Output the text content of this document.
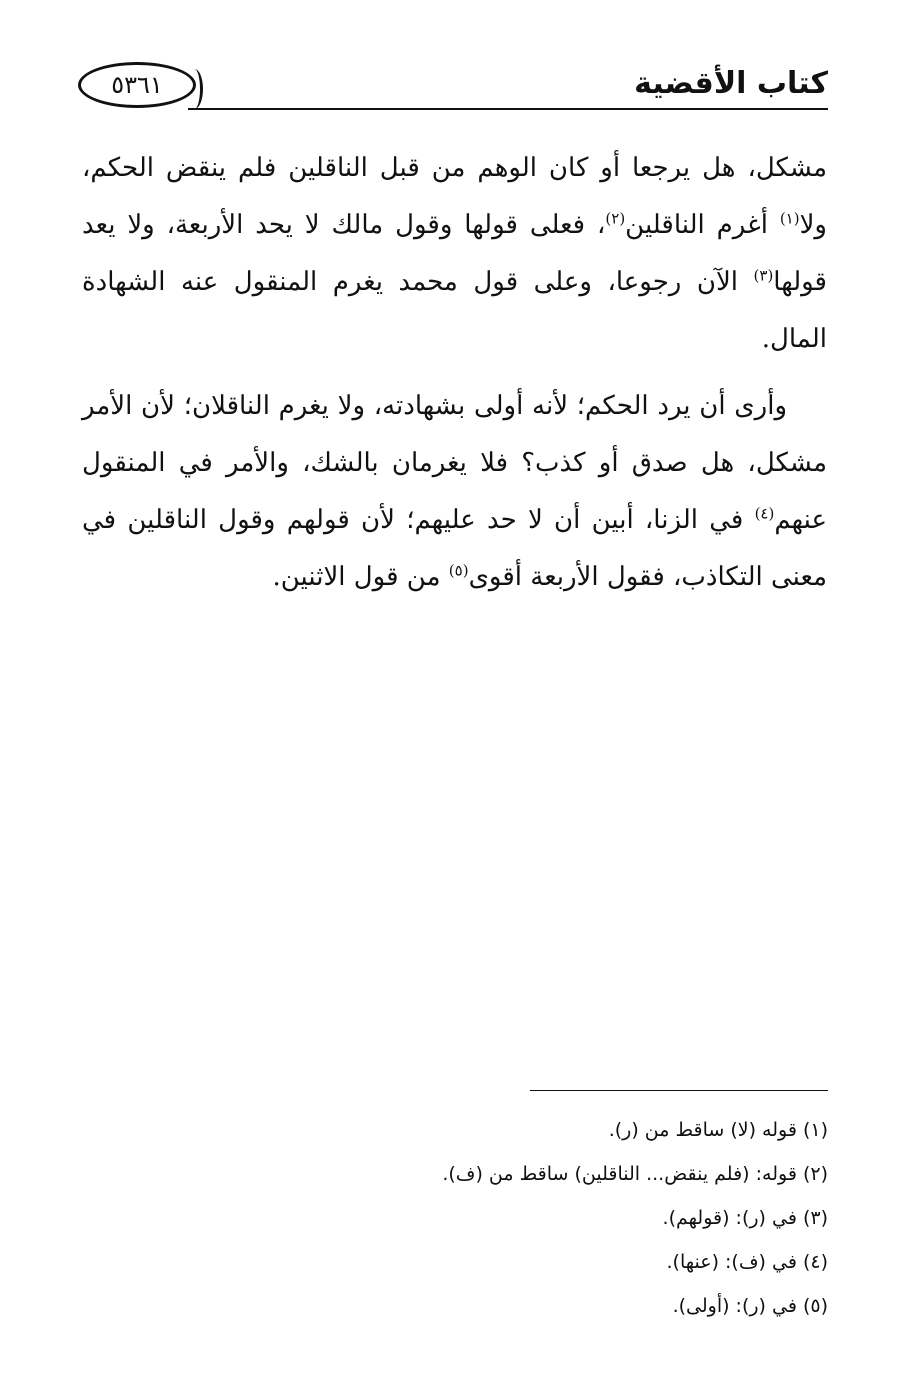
كتاب الأقضية
٥٣٦١

مشكل، هل يرجعا أو كان الوهم من قبل الناقلين فلم ينقض الحكم، ولا$^{(١)}$ أغرم الناقلين$^{(٢)}$، فعلى قولها وقول مالك لا يحد الأربعة، ولا يعد قولها$^{(٣)}$ الآن رجوعا، وعلى قول محمد يغرم المنقول عنه الشهادة المال.

وأرى أن يرد الحكم؛ لأنه أولى بشهادته، ولا يغرم الناقلان؛ لأن الأمر مشكل، هل صدق أو كذب؟ فلا يغرمان بالشك، والأمر في المنقول عنهم$^{(٤)}$ في الزنا، أبين أن لا حد عليهم؛ لأن قولهم وقول الناقلين في معنى التكاذب، فقول الأربعة أقوى$^{(٥)}$ من قول الاثنين.

(١) قوله (لا) ساقط من (ر).
(٢) قوله: (فلم ينقض... الناقلين) ساقط من (ف).
(٣) في (ر): (قولهم).
(٤) في (ف): (عنها).
(٥) في (ر): (أولى).
